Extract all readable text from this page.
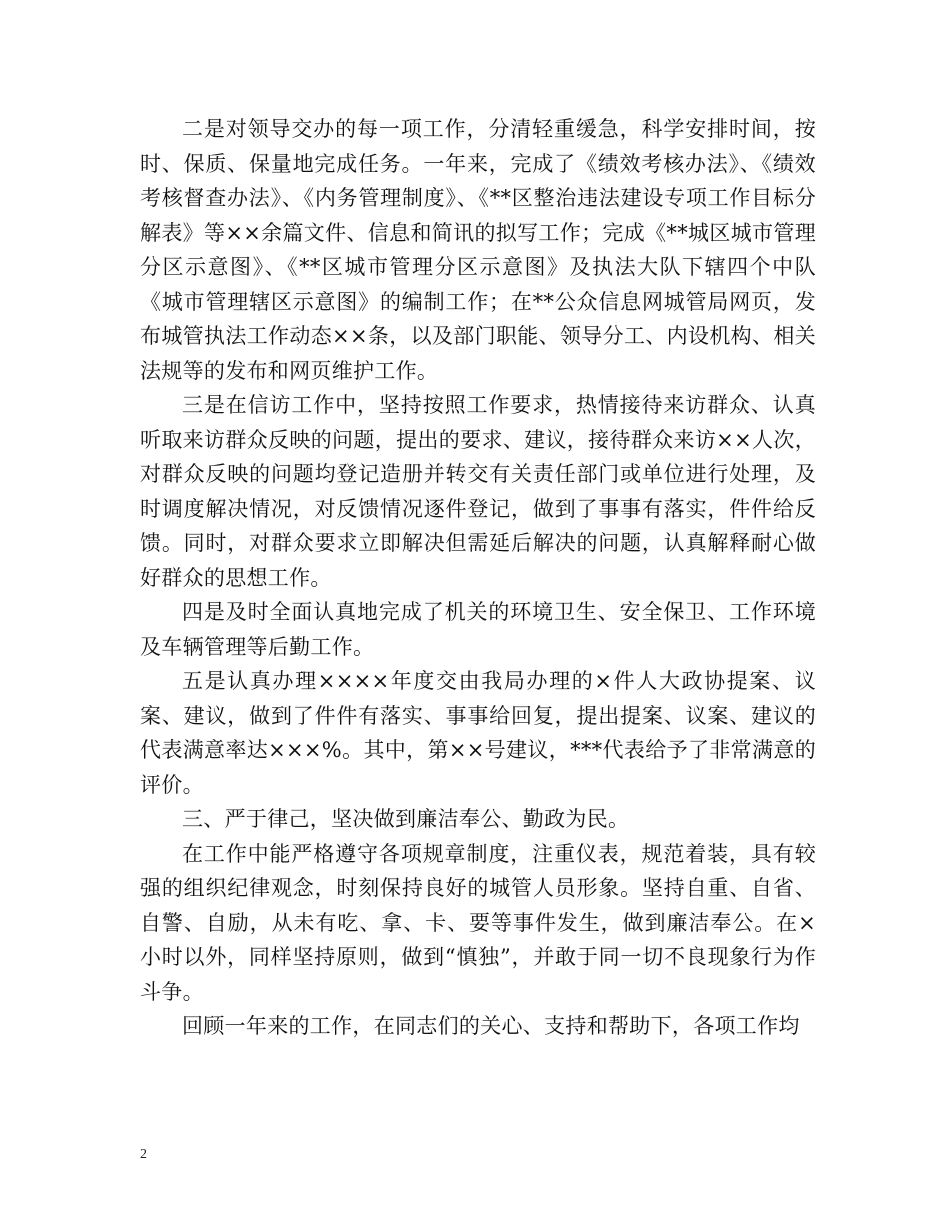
二是对领导交办的每一项工作，分清轻重缓急，科学安排时间，按时、保质、保量地完成任务。一年来，完成了《绩效考核办法》、《绩效考核督查办法》、《内务管理制度》、《**区整治违法建设专项工作目标分解表》等××余篇文件、信息和简讯的拟写工作；完成《**城区城市管理分区示意图》、《**区城市管理分区示意图》及执法大队下辖四个中队《城市管理辖区示意图》的编制工作；在**公众信息网城管局网页，发布城管执法工作动态××条，以及部门职能、领导分工、内设机构、相关法规等的发布和网页维护工作。

三是在信访工作中，坚持按照工作要求，热情接待来访群众、认真听取来访群众反映的问题，提出的要求、建议，接待群众来访××人次，对群众反映的问题均登记造册并转交有关责任部门或单位进行处理，及时调度解决情况，对反馈情况逐件登记，做到了事事有落实，件件给反馈。同时，对群众要求立即解决但需延后解决的问题，认真解释耐心做好群众的思想工作。

四是及时全面认真地完成了机关的环境卫生、安全保卫、工作环境及车辆管理等后勤工作。

五是认真办理××××年度交由我局办理的×件人大政协提案、议案、建议，做到了件件有落实、事事给回复，提出提案、议案、建议的代表满意率达×××%。其中，第××号建议，***代表给予了非常满意的评价。

三、严于律己，坚决做到廉洁奉公、勤政为民。

在工作中能严格遵守各项规章制度，注重仪表，规范着装，具有较强的组织纪律观念，时刻保持良好的城管人员形象。坚持自重、自省、自警、自励，从未有吃、拿、卡、要等事件发生，做到廉洁奉公。在×小时以外，同样坚持原则，做到“慎独”，并敢于同一切不良现象行为作斗争。

回顾一年来的工作，在同志们的关心、支持和帮助下，各项工作均

2
